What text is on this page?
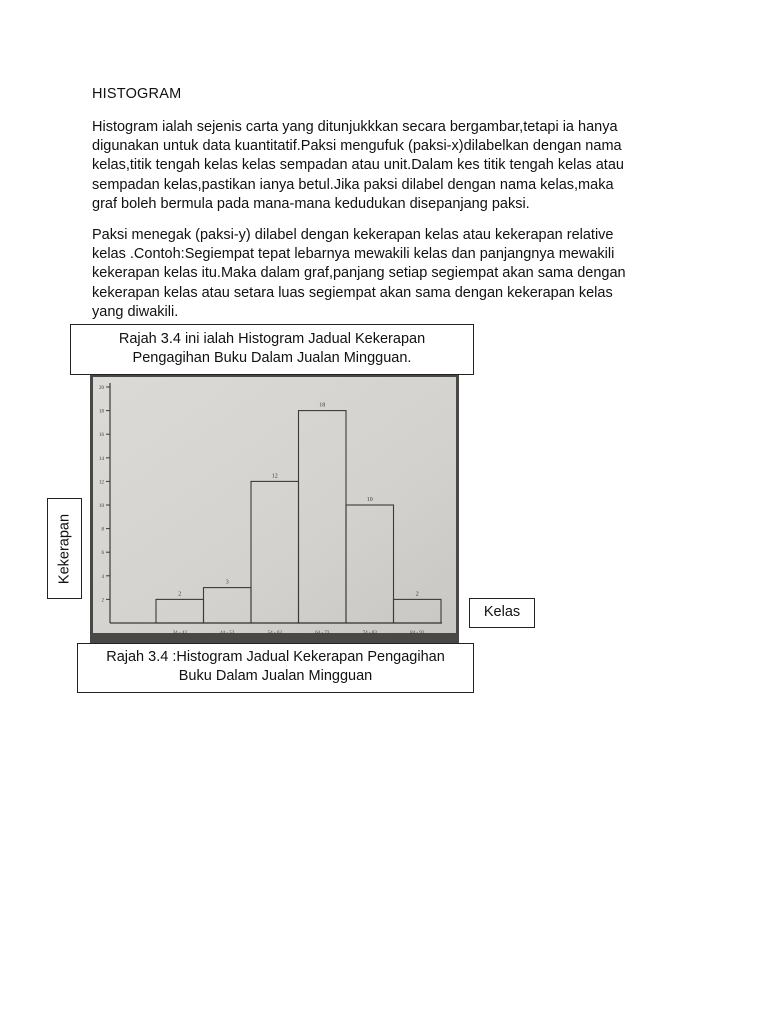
HISTOGRAM
Histogram ialah sejenis carta yang ditunjukkkan secara bergambar,tetapi ia hanya
digunakan untuk data kuantitatif.Paksi mengufuk (paksi-x)dilabelkan dengan nama
kelas,titik tengah kelas kelas sempadan atau unit.Dalam kes titik tengah kelas atau
sempadan kelas,pastikan ianya betul.Jika paksi dilabel dengan nama kelas,maka
graf boleh bermula pada mana-mana kedudukan disepanjang paksi.
Paksi menegak (paksi-y) dilabel dengan kekerapan kelas atau kekerapan relative
kelas .Contoh:Segiempat tepat lebarnya mewakili kelas dan panjangnya mewakili
kekerapan kelas itu.Maka dalam graf,panjang setiap segiempat akan sama dengan
kekerapan kelas atau setara luas segiempat akan sama dengan kekerapan kelas
yang diwakili.
Rajah 3.4 ini ialah Histogram Jadual Kekerapan
Pengagihan Buku Dalam Jualan Mingguan.
Kekerapan
2
4
6
8
10
12
14
16
18
20
2
34 - 43
3
44 - 53
12
54 - 63
18
64 - 73
10
74 - 83
2
84 - 93
Kelas
Rajah 3.4 :Histogram Jadual Kekerapan Pengagihan
Buku Dalam Jualan Mingguan
